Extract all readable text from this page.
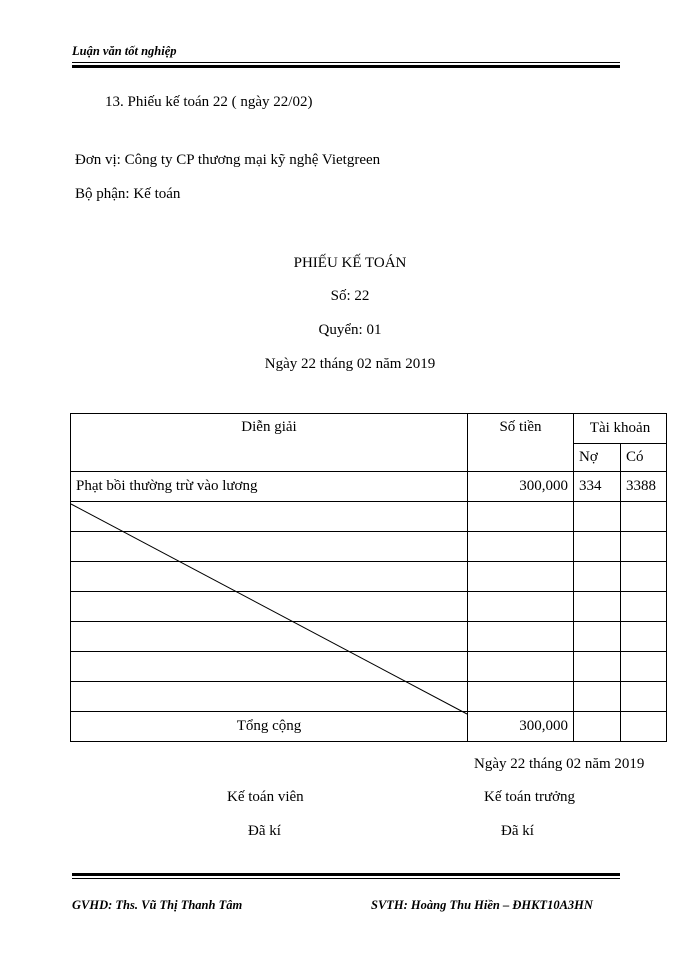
Luận văn tốt nghiệp
13. Phiếu kế toán 22 ( ngày 22/02)
Đơn vị: Công ty CP thương mại kỹ nghệ Vietgreen
Bộ phận: Kế toán
PHIẾU KẾ TOÁN
Số: 22
Quyển: 01
Ngày 22 tháng 02 năm 2019
Diễn giải	Số tiền	Tài khoản	
		Nợ	Có
Phạt bồi thường trừ vào lương	300,000	334	3388

Tổng cộng	300,000		
Ngày 22 tháng 02 năm 2019
Kế toán viên	Kế toán trưởng
Đã kí	Đã kí
GVHD: Ths. Vũ Thị Thanh Tâm	SVTH: Hoàng Thu Hiền – ĐHKT10A3HN
